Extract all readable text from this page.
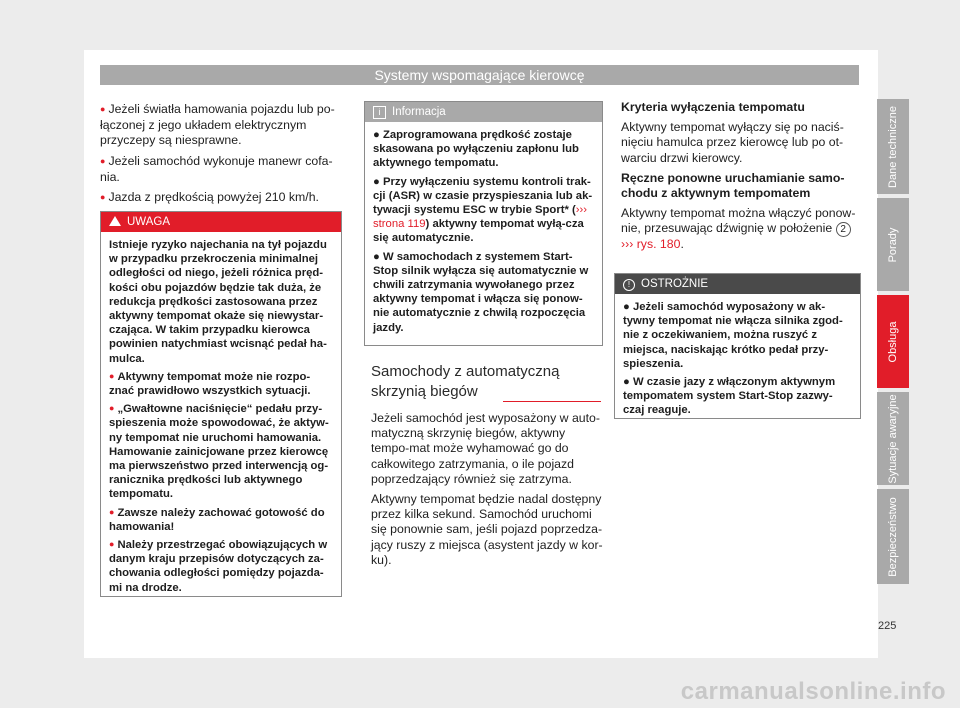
Systemy wspomagające kierowcę

● Jeżeli światła hamowania pojazdu lub po-łączonej z jego układem elektrycznym przyczepy są niesprawne.

● Jeżeli samochód wykonuje manewr cofa-nia.

● Jazda z prędkością powyżej 210 km/h.

UWAGA

Istnieje ryzyko najechania na tył pojazdu w przypadku przekroczenia minimalnej odległości od niego, jeżeli różnica pręd-kości obu pojazdów będzie tak duża, że redukcja prędkości zastosowana przez aktywny tempomat okaże się niewystar-czająca. W takim przypadku kierowca powinien natychmiast wcisnąć pedał ha-mulca.

● Aktywny tempomat może nie rozpo-znać prawidłowo wszystkich sytuacji.

● „Gwałtowne naciśnięcie“ pedału przy-spieszenia może spowodować, że aktyw-ny tempomat nie uruchomi hamowania. Hamowanie zainicjowane przez kierowcę ma pierwszeństwo przed interwencją og-ranicznika prędkości lub aktywnego tempomatu.

● Zawsze należy zachować gotowość do hamowania!

● Należy przestrzegać obowiązujących w danym kraju przepisów dotyczących za-chowania odległości pomiędzy pojazda-mi na drodze.

i Informacja

● Zaprogramowana prędkość zostaje skasowana po wyłączeniu zapłonu lub aktywnego tempomatu.

● Przy wyłączeniu systemu kontroli trak-cji (ASR) w czasie przyspieszania lub ak-tywacji systemu ESC w trybie Sport* (››› strona 119) aktywny tempomat wyłą-cza się automatycznie.

● W samochodach z systemem Start-Stop silnik wyłącza się automatycznie w chwili zatrzymania wywołanego przez aktywny tempomat i włącza się ponow-nie automatycznie z chwilą rozpoczęcia jazdy.

Samochody z automatyczną skrzynią biegów

Jeżeli samochód jest wyposażony w auto-matyczną skrzynię biegów, aktywny tempo-mat może wyhamować go do całkowitego zatrzymania, o ile pojazd poprzedzający również się zatrzyma.

Aktywny tempomat będzie nadal dostępny przez kilka sekund. Samochód uruchomi się ponownie sam, jeśli pojazd poprzedza-jący ruszy z miejsca (asystent jazdy w kor-ku).

Kryteria wyłączenia tempomatu

Aktywny tempomat wyłączy się po naciś-nięciu hamulca przez kierowcę lub po ot-warciu drzwi kierowcy.

Ręczne ponowne uruchamianie samo-chodu z aktywnym tempomatem

Aktywny tempomat można włączyć ponow-nie, przesuwając dźwignię w położenie 2
››› rys. 180.

! OSTROŻNIE

● Jeżeli samochód wyposażony w ak-tywny tempomat nie włącza silnika zgod-nie z oczekiwaniem, można ruszyć z miejsca, naciskając krótko pedał przy-spieszenia.

● W czasie jazy z włączonym aktywnym tempomatem system Start-Stop zazwy-czaj reaguje.

Dane techniczne
Porady
Obsługa
Sytuacje awaryjne
Bezpieczeństwo
225
carmanualsonline.info
